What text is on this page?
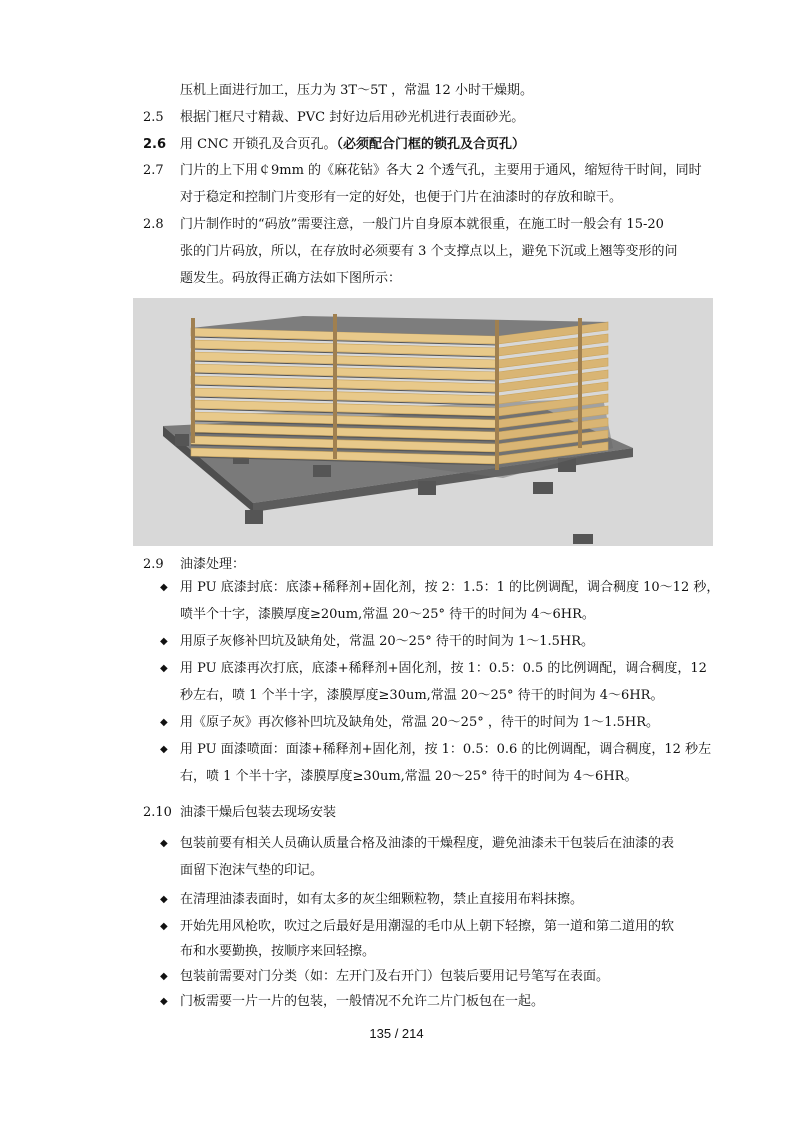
压机上面进行加工，压力为 3T～5T ，常温 12 小时干燥期。
2.5 根据门框尺寸精裁、PVC 封好边后用砂光机进行表面砂光。
2.6 用 CNC 开锁孔及合页孔。（必须配合门框的锁孔及合页孔）
2.7 门片的上下用￠9mm 的《麻花钻》各大 2 个透气孔，主要用于通风，缩短待干时间，同时
对于稳定和控制门片变形有一定的好处，也便于门片在油漆时的存放和晾干。
2.8 门片制作时的“码放”需要注意，一般门片自身原本就很重，在施工时一般会有 15-20
张的门片码放，所以，在存放时必须要有 3 个支撑点以上，避免下沉或上翘等变形的问
题发生。码放得正确方法如下图所示：
2.9 油漆处理：
◆ 用 PU 底漆封底：底漆+稀释剂+固化剂，按 2：1.5：1 的比例调配，调合稠度 10～12 秒，
喷半个十字，漆膜厚度≥20um,常温 20～25° 待干的时间为 4～6HR。
◆ 用原子灰修补凹坑及缺角处，常温 20～25° 待干的时间为 1～1.5HR。
◆ 用 PU 底漆再次打底，底漆+稀释剂+固化剂，按 1：0.5：0.5 的比例调配，调合稠度，12
秒左右，喷 1 个半十字，漆膜厚度≥30um,常温 20～25° 待干的时间为 4～6HR。
◆ 用《原子灰》再次修补凹坑及缺角处，常温 20～25° ，待干的时间为 1～1.5HR。
◆ 用 PU 面漆喷面：面漆+稀释剂+固化剂，按 1：0.5：0.6 的比例调配，调合稠度，12 秒左
右，喷 1 个半十字，漆膜厚度≥30um,常温 20～25° 待干的时间为 4～6HR。
2.10 油漆干燥后包装去现场安装
◆ 包装前要有相关人员确认质量合格及油漆的干燥程度，避免油漆未干包装后在油漆的表
面留下泡沫气垫的印记。
◆ 在清理油漆表面时，如有太多的灰尘细颗粒物，禁止直接用布料抹擦。
◆ 开始先用风枪吹，吹过之后最好是用潮湿的毛巾从上朝下轻擦，第一道和第二道用的软
布和水要勤换，按顺序来回轻擦。
◆ 包装前需要对门分类（如：左开门及右开门）包装后要用记号笔写在表面。
◆ 门板需要一片一片的包装，一般情况不允许二片门板包在一起。
135 / 214
